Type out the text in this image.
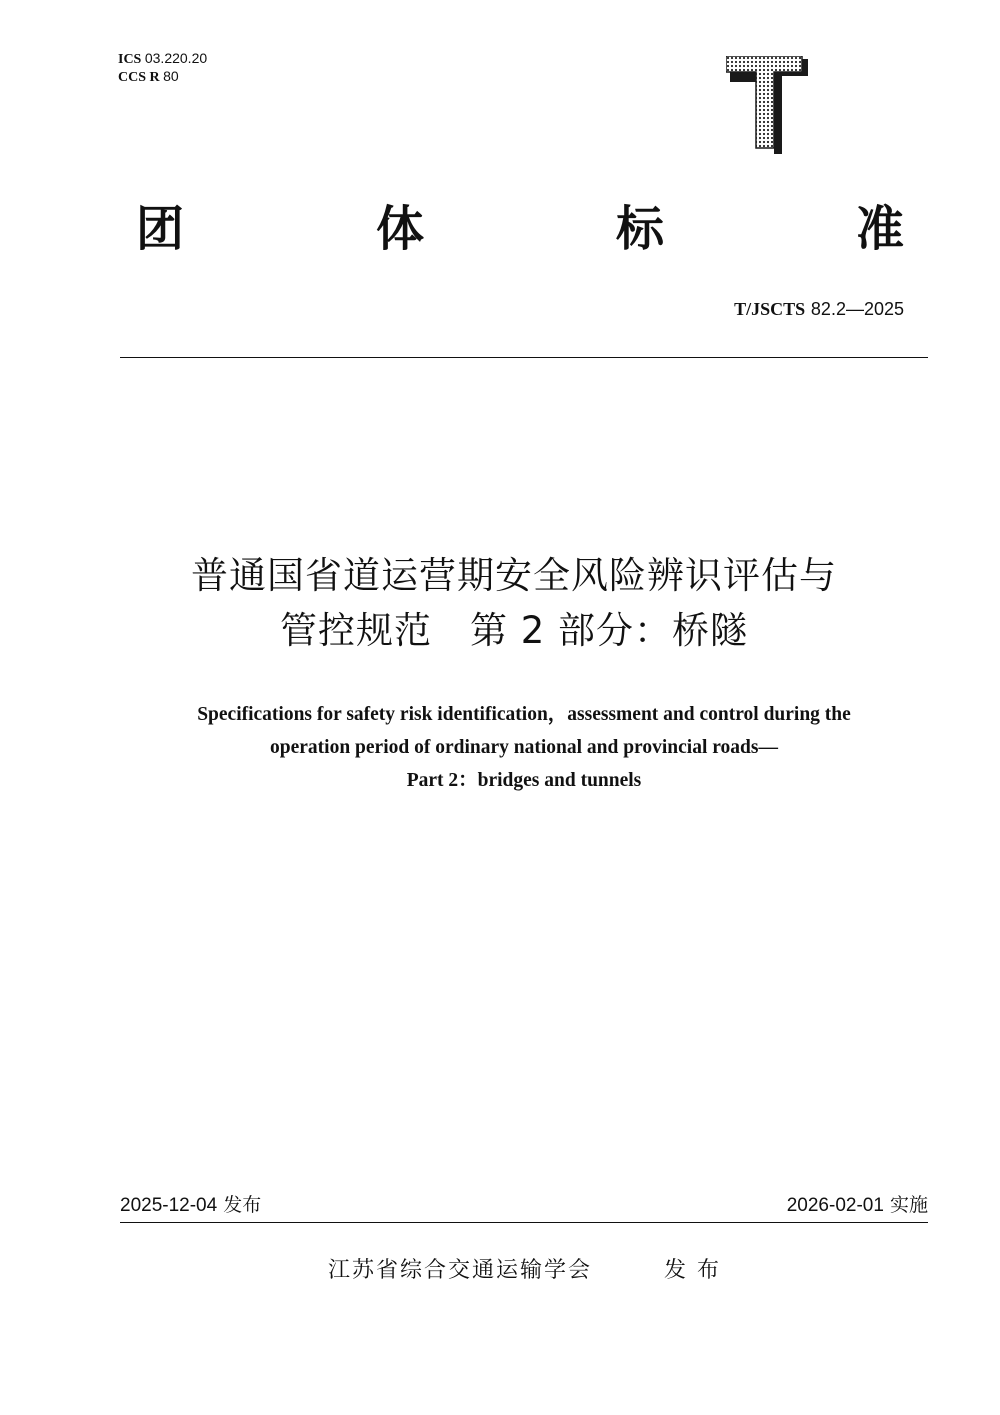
ICS 03.220.20
CCS R 80
团	体	标	准
T/JSCTS 82.2—2025
普通国省道运营期安全风险辨识评估与
管控规范　第 2 部分：桥隧
Specifications for safety risk identification，assessment and control during the
operation period of ordinary national and provincial roads—
Part 2：bridges and tunnels
2025-12-04 发布	2026-02-01 实施
江苏省综合交通运输学会	发布
